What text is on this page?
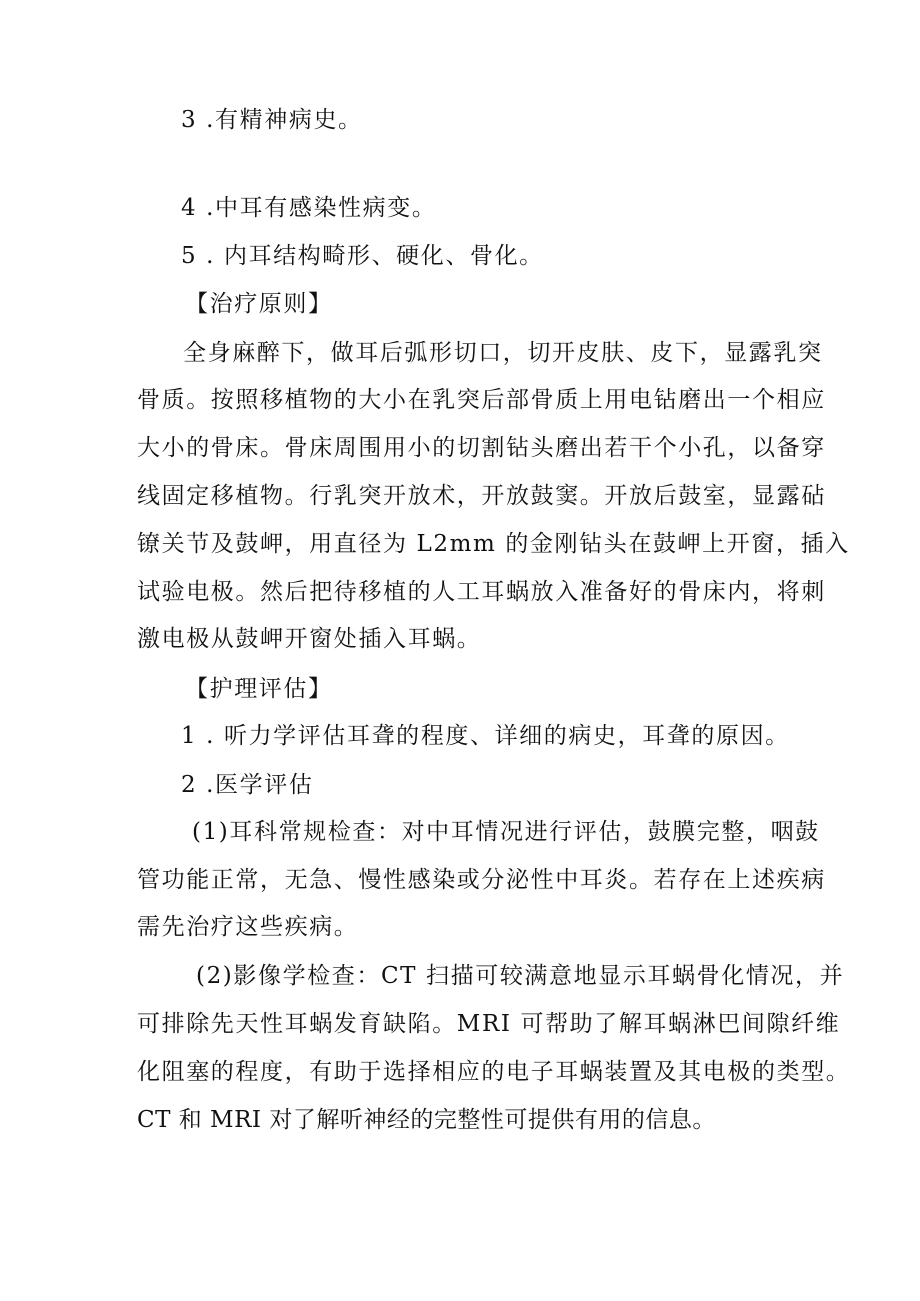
3 .有精神病史。
4 .中耳有感染性病变。
5 . 内耳结构畸形、硬化、骨化。
【治疗原则】
全身麻醉下，做耳后弧形切口，切开皮肤、皮下，显露乳突
骨质。按照移植物的大小在乳突后部骨质上用电钻磨出一个相应
大小的骨床。骨床周围用小的切割钻头磨出若干个小孔，以备穿
线固定移植物。行乳突开放术，开放鼓窦。开放后鼓室，显露砧
镣关节及鼓岬，用直径为 L2mm 的金刚钻头在鼓岬上开窗，插入
试验电极。然后把待移植的人工耳蜗放入准备好的骨床内，将刺
激电极从鼓岬开窗处插入耳蜗。
【护理评估】
1 . 听力学评估耳聋的程度、详细的病史，耳聋的原因。
2 .医学评估
(1)耳科常规检查：对中耳情况进行评估，鼓膜完整，咽鼓
管功能正常，无急、慢性感染或分泌性中耳炎。若存在上述疾病
需先治疗这些疾病。
(2)影像学检查：CT 扫描可较满意地显示耳蜗骨化情况，并
可排除先天性耳蜗发育缺陷。MRI 可帮助了解耳蜗淋巴间隙纤维
化阻塞的程度，有助于选择相应的电子耳蜗装置及其电极的类型。
CT 和 MRI 对了解听神经的完整性可提供有用的信息。
